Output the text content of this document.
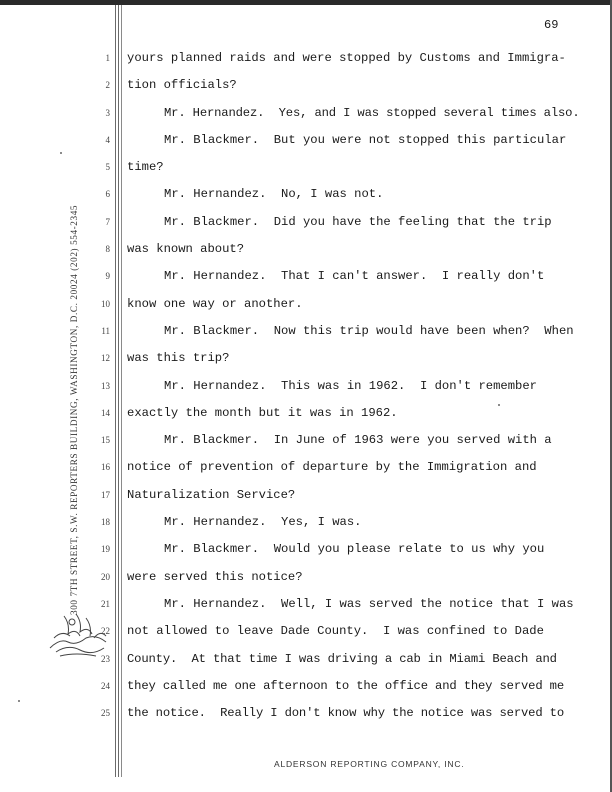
69
300 7TH STREET, S.W. REPORTERS BUILDING, WASHINGTON, D.C. 20024 (202) 554-2345
1 yours planned raids and were stopped by Customs and Immigra-
2 tion officials?
3	Mr. Hernandez.  Yes, and I was stopped several times also.
4	Mr. Blackmer.  But you were not stopped this particular
5 time?
6	Mr. Hernandez.  No, I was not.
7	Mr. Blackmer.  Did you have the feeling that the trip
8 was known about?
9	Mr. Hernandez.  That I can't answer.  I really don't
10 know one way or another.
11	Mr. Blackmer.  Now this trip would have been when?  When
12 was this trip?
13	Mr. Hernandez.  This was in 1962.  I don't remember
14 exactly the month but it was in 1962.
15	Mr. Blackmer.  In June of 1963 were you served with a
16 notice of prevention of departure by the Immigration and
17 Naturalization Service?
18	Mr. Hernandez.  Yes, I was.
19	Mr. Blackmer.  Would you please relate to us why you
20 were served this notice?
21	Mr. Hernandez.  Well, I was served the notice that I was
22 not allowed to leave Dade County.  I was confined to Dade
23 County.  At that time I was driving a cab in Miami Beach and
24 they called me one afternoon to the office and they served me
25 the notice.  Really I don't know why the notice was served to
ALDERSON REPORTING COMPANY, INC.
